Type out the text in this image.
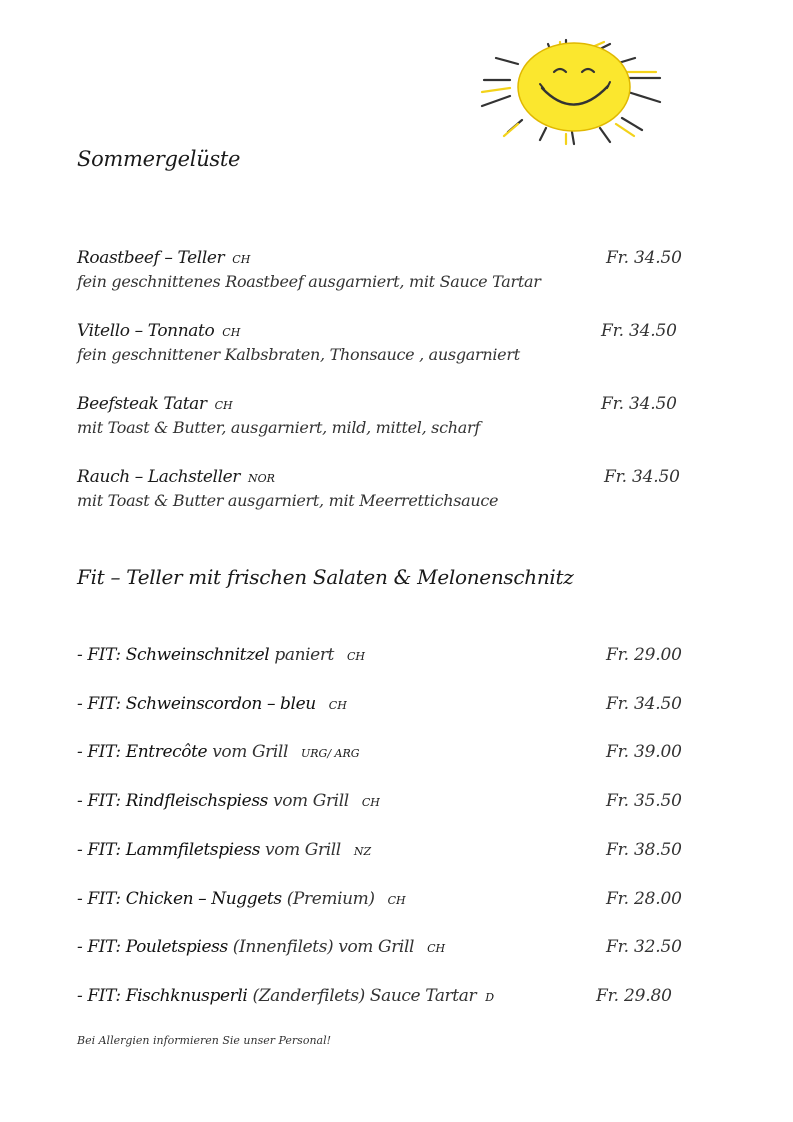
Sommergelüste
Roastbeef – Teller CH	Fr. 34.50
fein geschnittenes Roastbeef ausgarniert, mit Sauce Tartar
Vitello – Tonnato CH	Fr. 34.50
fein geschnittener Kalbsbraten, Thonsauce , ausgarniert
Beefsteak Tatar CH	Fr. 34.50
mit Toast & Butter, ausgarniert, mild, mittel, scharf
Rauch – Lachsteller NOR	Fr. 34.50
mit Toast & Butter ausgarniert, mit Meerrettichsauce
Fit – Teller mit frischen Salaten & Melonenschnitz
- FIT: Schweinschnitzel paniert CH	Fr. 29.00
- FIT: Schweinscordon – bleu CH	Fr. 34.50
- FIT: Entrecôte vom Grill URG/ ARG	Fr. 39.00
- FIT: Rindfleischspiess vom Grill CH	Fr. 35.50
- FIT: Lammfiletspiess vom Grill NZ	Fr. 38.50
- FIT: Chicken – Nuggets (Premium) CH	Fr. 28.00
- FIT: Pouletspiess (Innenfilets) vom Grill CH	Fr. 32.50
- FIT: Fischknusperli (Zanderfilets) Sauce Tartar D	Fr. 29.80
Bei Allergien informieren Sie unser Personal!
